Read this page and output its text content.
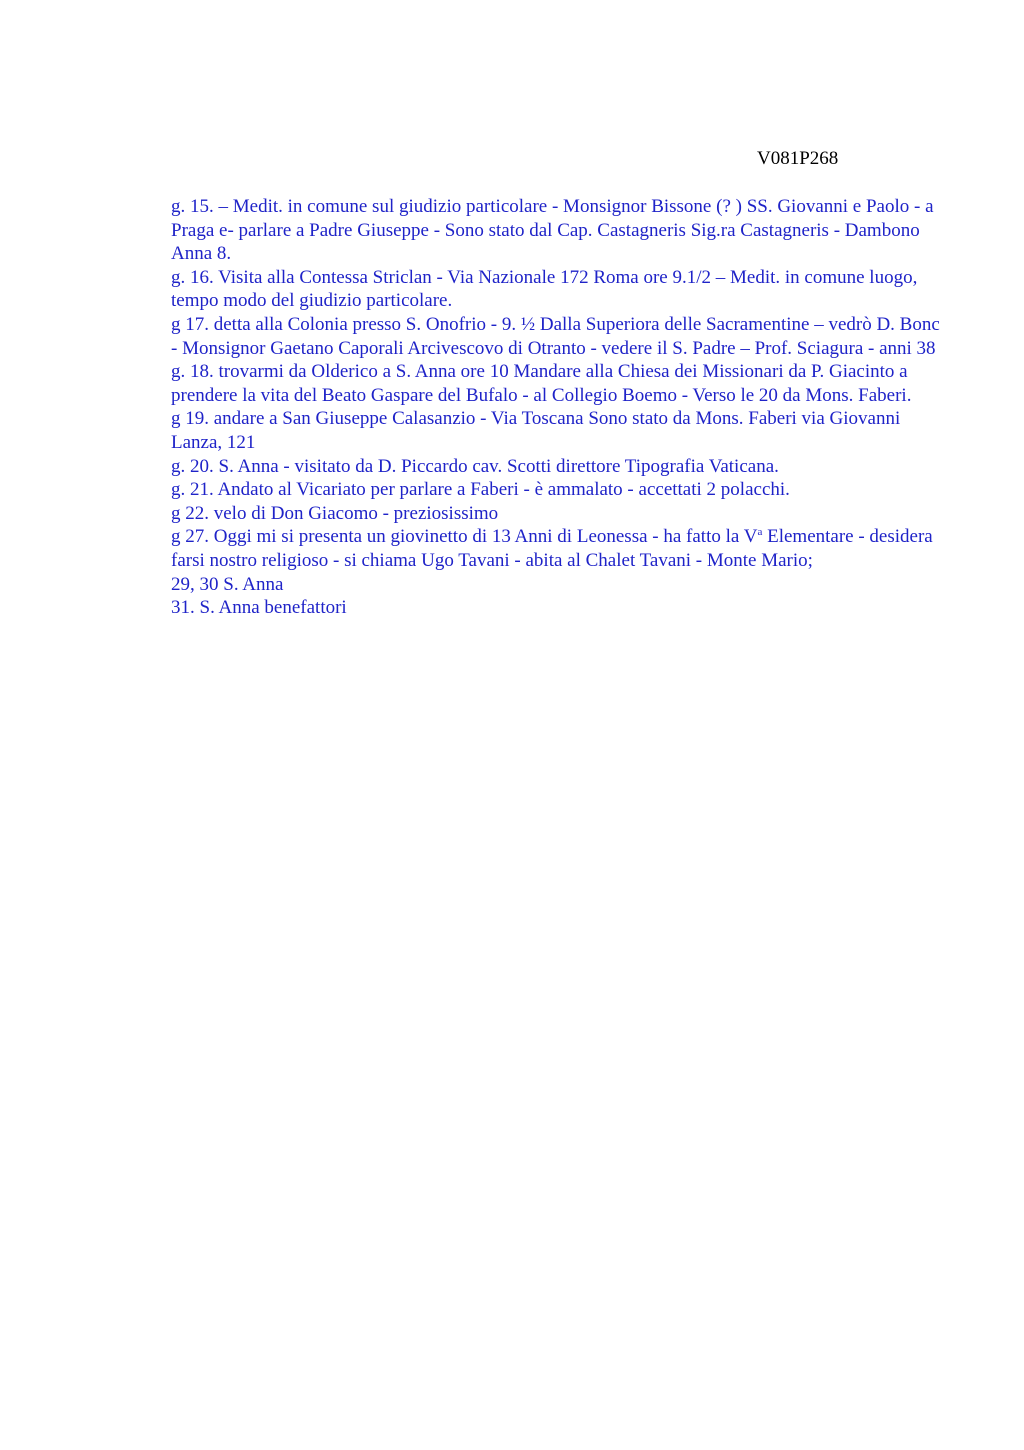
V081P268

g. 15. – Medit. in comune sul giudizio particolare - Monsignor Bissone (? ) SS. Giovanni e Paolo - a Praga e- parlare a Padre Giuseppe - Sono stato dal Cap. Castagneris Sig.ra Castagneris - Dambono Anna 8.

g. 16. Visita alla Contessa Striclan - Via Nazionale 172 Roma ore 9.1/2 – Medit. in comune luogo, tempo modo del giudizio particolare.

g 17. detta alla Colonia presso S. Onofrio - 9. ½ Dalla Superiora delle Sacramentine – vedrò D. Bonc - Monsignor Gaetano Caporali Arcivescovo di Otranto - vedere il S. Padre – Prof. Sciagura - anni 38

g. 18. trovarmi da Olderico a S. Anna ore 10 Mandare alla Chiesa dei Missionari da P. Giacinto a prendere la vita del Beato Gaspare del Bufalo - al Collegio Boemo - Verso le 20 da Mons. Faberi.

g 19. andare a San Giuseppe Calasanzio - Via Toscana Sono stato da Mons. Faberi via Giovanni Lanza, 121

g. 20. S. Anna - visitato da D. Piccardo cav. Scotti direttore Tipografia Vaticana.

g. 21. Andato al Vicariato per parlare a Faberi - è ammalato - accettati 2 polacchi.

g 22. velo di Don Giacomo - preziosissimo

g 27. Oggi mi si presenta un giovinetto di 13 Anni di Leonessa - ha fatto la $V^a$ Elementare - desidera farsi nostro religioso - si chiama Ugo Tavani - abita al Chalet Tavani - Monte Mario;

29, 30 S. Anna

31. S. Anna benefattori
